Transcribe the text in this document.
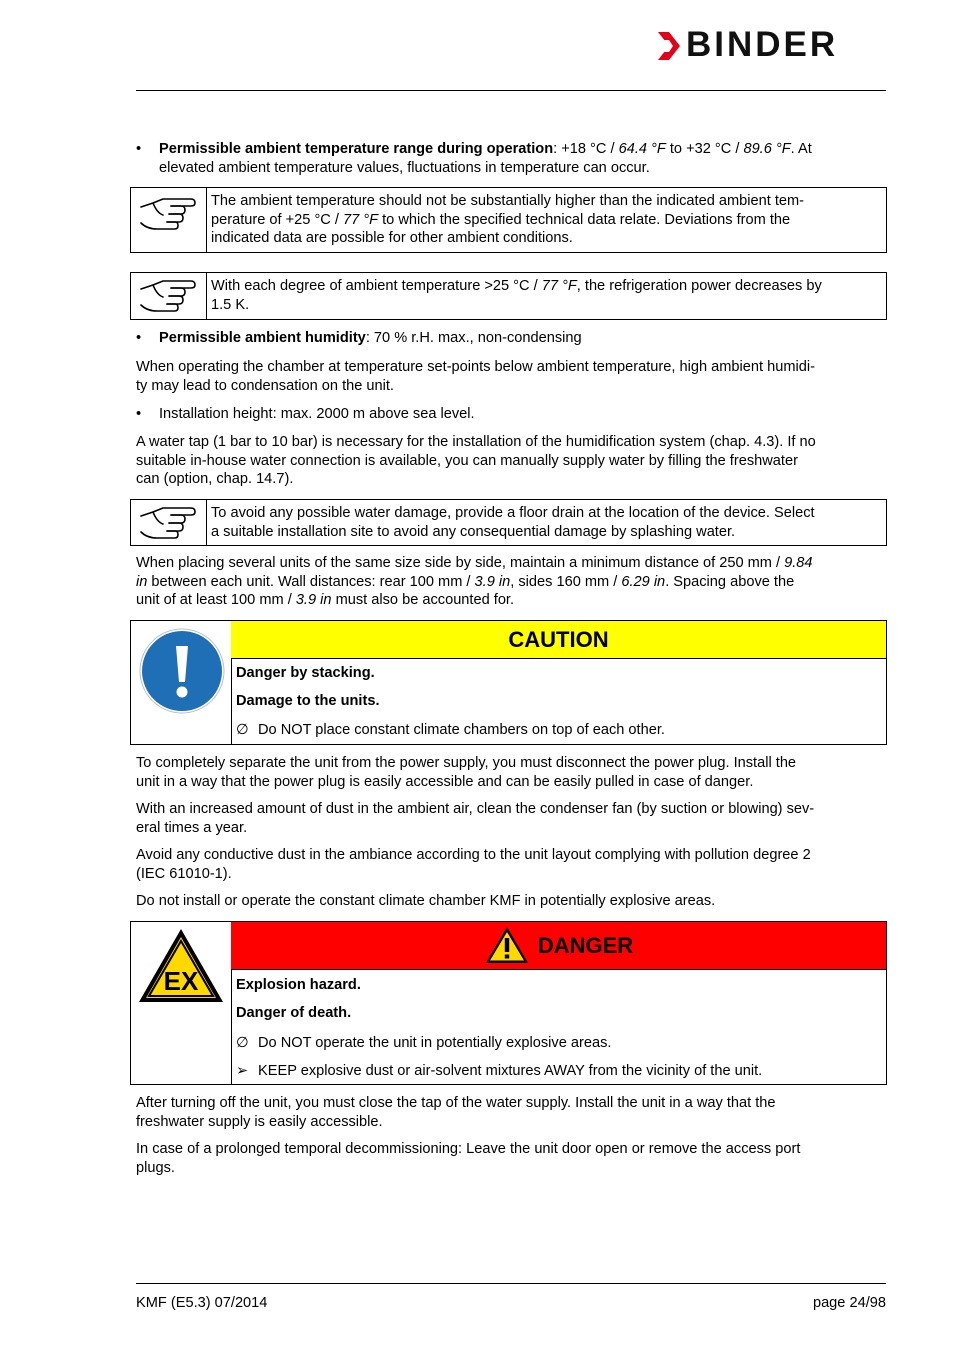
BINDER
• Permissible ambient temperature range during operation: +18 °C / 64.4 °F to +32 °C / 89.6 °F. At
elevated ambient temperature values, fluctuations in temperature can occur.
The ambient temperature should not be substantially higher than the indicated ambient tem-
perature of +25 °C / 77 °F to which the specified technical data relate. Deviations from the
indicated data are possible for other ambient conditions.
With each degree of ambient temperature >25 °C / 77 °F, the refrigeration power decreases by
1.5 K.
• Permissible ambient humidity: 70 % r.H. max., non-condensing
When operating the chamber at temperature set-points below ambient temperature, high ambient humidi-
ty may lead to condensation on the unit.
• Installation height: max. 2000 m above sea level.
A water tap (1 bar to 10 bar) is necessary for the installation of the humidification system (chap. 4.3). If no
suitable in-house water connection is available, you can manually supply water by filling the freshwater
can (option, chap. 14.7).
To avoid any possible water damage, provide a floor drain at the location of the device. Select
a suitable installation site to avoid any consequential damage by splashing water.
When placing several units of the same size side by side, maintain a minimum distance of 250 mm / 9.84
in between each unit. Wall distances: rear 100 mm / 3.9 in, sides 160 mm / 6.29 in. Spacing above the
unit of at least 100 mm / 3.9 in must also be accounted for.
CAUTION
Danger by stacking.
Damage to the units.
∅ Do NOT place constant climate chambers on top of each other.
To completely separate the unit from the power supply, you must disconnect the power plug. Install the
unit in a way that the power plug is easily accessible and can be easily pulled in case of danger.
With an increased amount of dust in the ambient air, clean the condenser fan (by suction or blowing) sev-
eral times a year.
Avoid any conductive dust in the ambiance according to the unit layout complying with pollution degree 2
(IEC 61010-1).
Do not install or operate the constant climate chamber KMF in potentially explosive areas.
EX
DANGER
Explosion hazard.
Danger of death.
∅ Do NOT operate the unit in potentially explosive areas.
➢ KEEP explosive dust or air-solvent mixtures AWAY from the vicinity of the unit.
After turning off the unit, you must close the tap of the water supply. Install the unit in a way that the
freshwater supply is easily accessible.
In case of a prolonged temporal decommissioning: Leave the unit door open or remove the access port
plugs.
KMF (E5.3) 07/2014	page 24/98
